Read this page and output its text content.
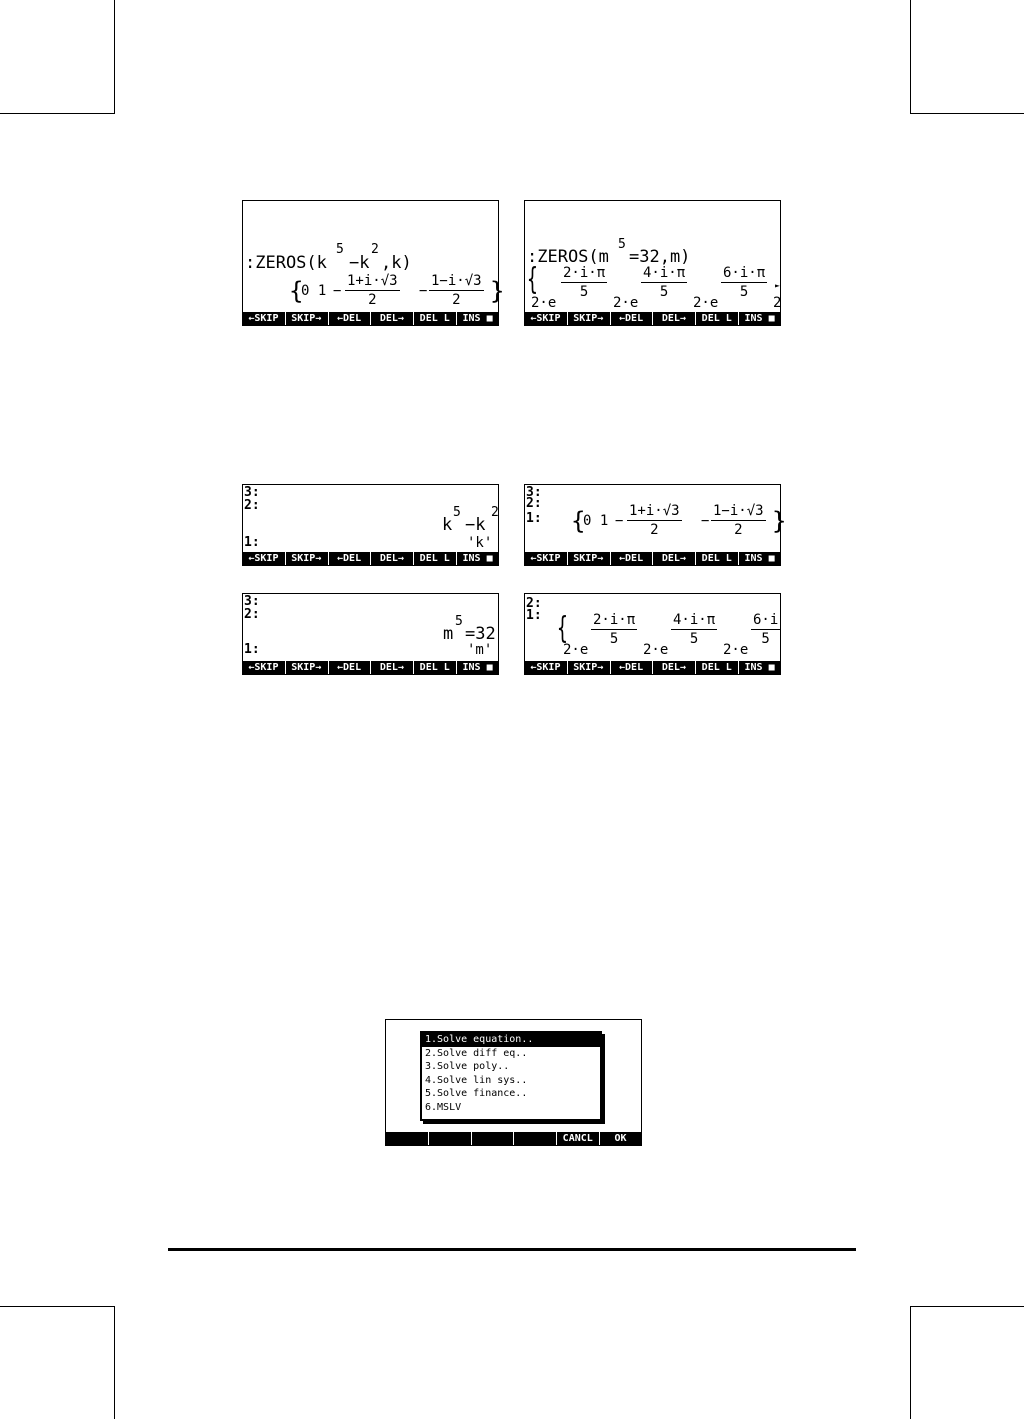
:ZEROS(k
5
−k
2
,k)
{
0 1 −
1+i·√3
2
−
1−i·√3
2	}
←SKIP	SKIP→	←DEL	DEL→	DEL L	INS ■
:ZEROS(m
5
=32,m)
{
2·e
2·i·π
5
2·e
4·i·π
5
2·e
6·i·π
5
2
►
←SKIP	SKIP→	←DEL	DEL→	DEL L	INS ■
3:
2:
1:
k
5
−k
2
'k'
←SKIP	SKIP→	←DEL	DEL→	DEL L	INS ■
3:
2:
1: {
0 1 −
1+i·√3
2
−
1−i·√3
2	}
←SKIP	SKIP→	←DEL	DEL→	DEL L	INS ■
3:
2:
1:
m
5
=32
'm'
←SKIP	SKIP→	←DEL	DEL→	DEL L	INS ■
2:
1: {
2·e
2·i·π
5
2·e
4·i·π
5
2·e
6·i
5
←SKIP	SKIP→	←DEL	DEL→	DEL L	INS ■
1.Solve equation..
2.Solve diff eq..
3.Solve poly..
4.Solve lin sys..
5.Solve finance..
6.MSLV
CANCL	OK
